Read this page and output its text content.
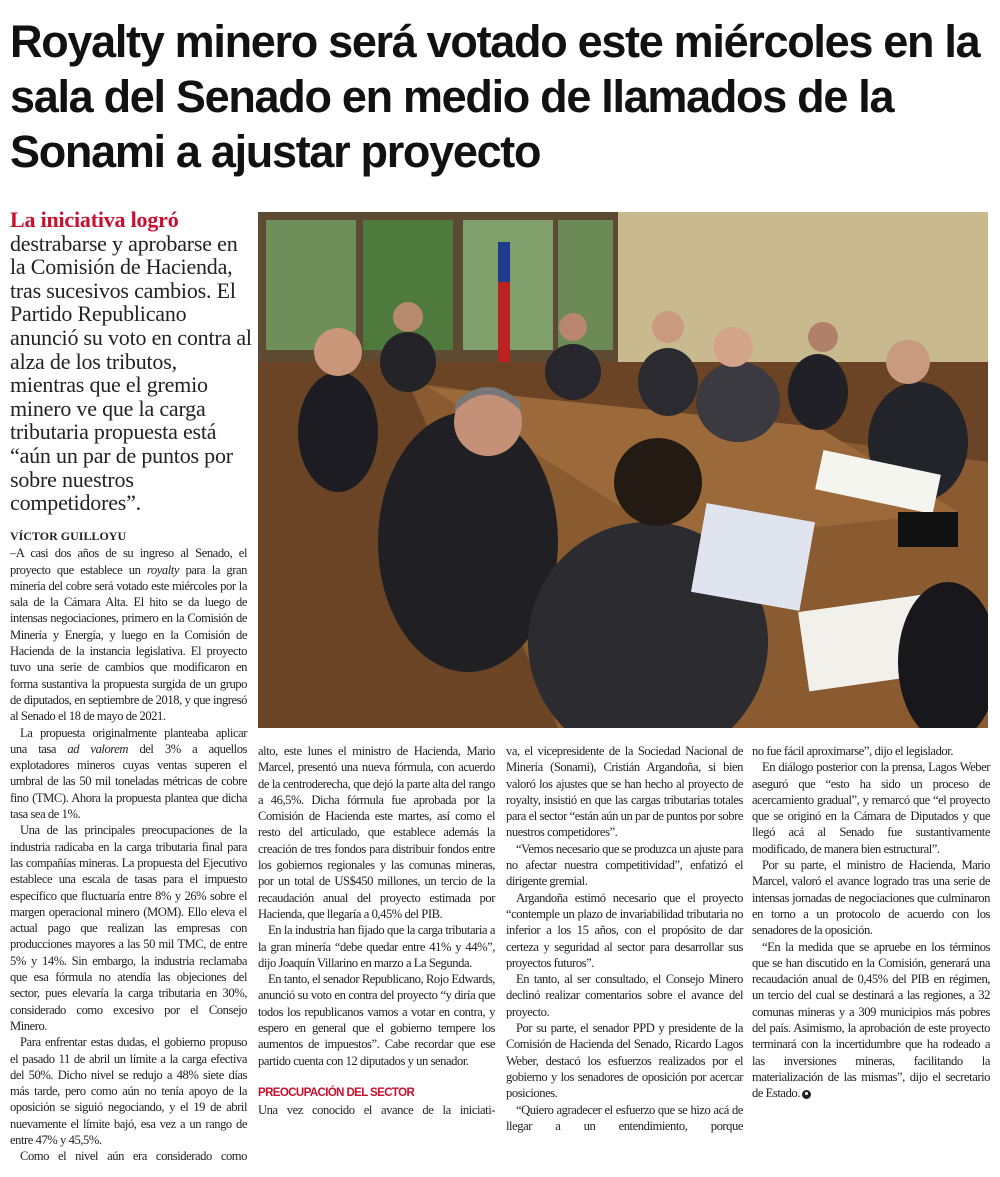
Royalty minero será votado este miércoles en la sala del Senado en medio de llamados de la Sonami a ajustar proyecto
La iniciativa logró destrabarse y aprobarse en la Comisión de Hacienda, tras sucesivos cambios. El Partido Republicano anunció su voto en contra al alza de los tributos, mientras que el gremio minero ve que la carga tributaria propuesta está “aún un par de puntos por sobre nuestros competidores”.
VÍCTOR GUILLOYU

–A casi dos años de su ingreso al Senado, el proyecto que establece un royalty para la gran minería del cobre será votado este miércoles por la sala de la Cámara Alta. El hito se da luego de intensas negociaciones, primero en la Comisión de Minería y Energía, y luego en la Comisión de Hacienda de la instancia legislativa. El proyecto tuvo una serie de cambios que modificaron en forma sustantiva la propuesta surgida de un grupo de diputados, en septiembre de 2018, y que ingresó al Senado el 18 de mayo de 2021.

La propuesta originalmente planteaba aplicar una tasa ad valorem del 3% a aquellos explotadores mineros cuyas ventas superen el umbral de las 50 mil toneladas métricas de cobre fino (TMC). Ahora la propuesta plantea que dicha tasa sea de 1%.

Una de las principales preocupaciones de la industria radicaba en la carga tributaria final para las compañías mineras. La propuesta del Ejecutivo establece una escala de tasas para el impuesto específico que fluctuaría entre 8% y 26% sobre el margen operacional minero (MOM). Ello eleva el actual pago que realizan las empresas con producciones mayores a las 50 mil TMC, de entre 5% y 14%. Sin embargo, la industria reclamaba que esa fórmula no atendía las objeciones del sector, pues elevaría la carga tributaria en 30%, considerado como excesivo por el Consejo Minero.

Para enfrentar estas dudas, el gobierno propuso el pasado 11 de abril un límite a la carga efectiva del 50%. Dicho nivel se redujo a 48% siete días más tarde, pero como aún no tenía apoyo de la oposición se siguió negociando, y el 19 de abril nuevamente el límite bajó, esa vez a un rango de entre 47% y 45,5%.

Como el nivel aún era considerado como

alto, este lunes el ministro de Hacienda, Mario Marcel, presentó una nueva fórmula, con acuerdo de la centroderecha, que dejó la parte alta del rango a 46,5%. Dicha fórmula fue aprobada por la Comisión de Hacienda este martes, así como el resto del articulado, que establece además la creación de tres fondos para distribuir fondos entre los gobiernos regionales y las comunas mineras, por un total de US$450 millones, un tercio de la recaudación anual del proyecto estimada por Hacienda, que llegaría a 0,45% del PIB.

En la industria han fijado que la carga tributaria a la gran minería “debe quedar entre 41% y 44%”, dijo Joaquín Villarino en marzo a La Segunda.

En tanto, el senador Republicano, Rojo Edwards, anunció su voto en contra del proyecto “y diría que todos los republicanos vamos a votar en contra, y espero en general que el gobierno tempere los aumentos de impuestos”. Cabe recordar que ese partido cuenta con 12 diputados y un senador.

PREOCUPACIÓN DEL SECTOR

Una vez conocido el avance de la iniciati-

va, el vicepresidente de la Sociedad Nacional de Minería (Sonami), Cristián Argandoña, si bien valoró los ajustes que se han hecho al proyecto de royalty, insistió en que las cargas tributarias totales para el sector “están aún un par de puntos por sobre nuestros competidores”.

“Vemos necesario que se produzca un ajuste para no afectar nuestra competitividad”, enfatizó el dirigente gremial.

Argandoña estimó necesario que el proyecto “contemple un plazo de invariabilidad tributaria no inferior a los 15 años, con el propósito de dar certeza y seguridad al sector para desarrollar sus proyectos futuros”.

En tanto, al ser consultado, el Consejo Minero declinó realizar comentarios sobre el avance del proyecto.

Por su parte, el senador PPD y presidente de la Comisión de Hacienda del Senado, Ricardo Lagos Weber, destacó los esfuerzos realizados por el gobierno y los senadores de oposición por acercar posiciones.

“Quiero agradecer el esfuerzo que se hizo acá de llegar a un entendimiento, porque

no fue fácil aproximarse”, dijo el legislador.

En diálogo posterior con la prensa, Lagos Weber aseguró que “esto ha sido un proceso de acercamiento gradual”, y remarcó que “el proyecto que se originó en la Cámara de Diputados y que llegó acá al Senado fue sustantivamente modificado, de manera bien estructural”.

Por su parte, el ministro de Hacienda, Mario Marcel, valoró el avance logrado tras una serie de intensas jornadas de negociaciones que culminaron en torno a un protocolo de acuerdo con los senadores de la oposición.

“En la medida que se apruebe en los términos que se han discutido en la Comisión, generará una recaudación anual de 0,45% del PIB en régimen, un tercio del cual se destinará a las regiones, a 32 comunas mineras y a 309 municipios más pobres del país. Asimismo, la aprobación de este proyecto terminará con la incertidumbre que ha rodeado a las inversiones mineras, facilitando la materialización de las mismas”, dijo el secretario de Estado.
